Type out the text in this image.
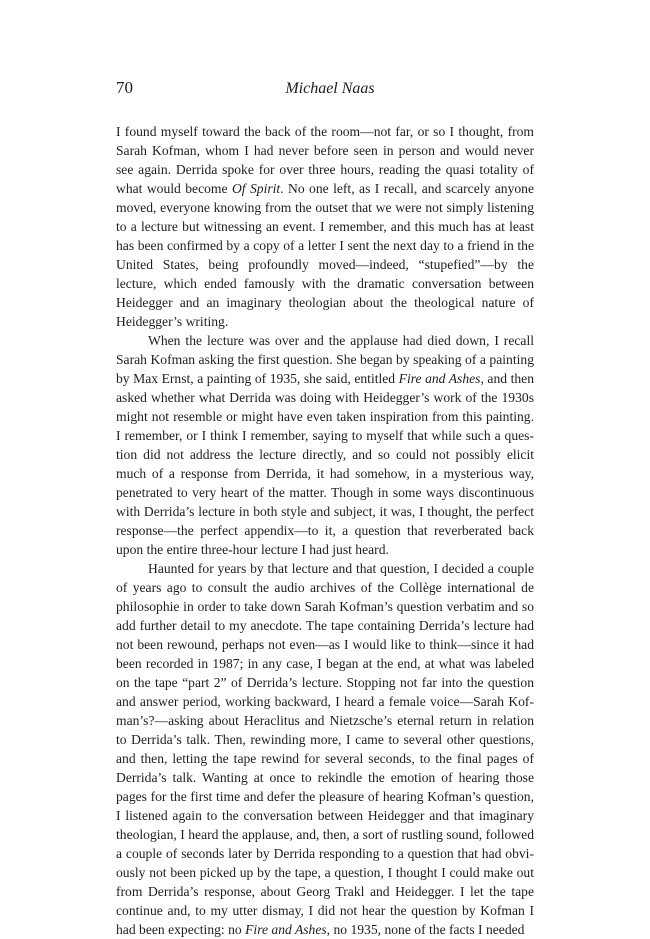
70	Michael Naas

I found myself toward the back of the room—not far, or so I thought, from Sarah Kofman, whom I had never before seen in person and would never see again. Derrida spoke for over three hours, reading the quasi totality of what would become Of Spirit. No one left, as I recall, and scarcely anyone moved, everyone knowing from the outset that we were not simply listening to a lecture but witnessing an event. I remember, and this much has at least has been confirmed by a copy of a letter I sent the next day to a friend in the United States, being profoundly moved—indeed, “stupefied”—by the lecture, which ended famously with the dramatic conversation between Heidegger and an imaginary theologian about the theological nature of Heidegger’s writing.

When the lecture was over and the applause had died down, I recall Sarah Kofman asking the first question. She began by speaking of a painting by Max Ernst, a painting of 1935, she said, entitled Fire and Ashes, and then asked whether what Derrida was doing with Heidegger’s work of the 1930s might not resemble or might have even taken inspiration from this painting. I remember, or I think I remember, saying to myself that while such a question did not address the lecture directly, and so could not possibly elicit much of a response from Derrida, it had somehow, in a mysterious way, penetrated to very heart of the matter. Though in some ways discontinuous with Derrida’s lecture in both style and subject, it was, I thought, the perfect response—the perfect appendix—to it, a question that reverberated back upon the entire three-hour lecture I had just heard.

Haunted for years by that lecture and that question, I decided a couple of years ago to consult the audio archives of the Collège international de philosophie in order to take down Sarah Kofman’s question verbatim and so add further detail to my anecdote. The tape containing Derrida’s lecture had not been rewound, perhaps not even—as I would like to think—since it had been recorded in 1987; in any case, I began at the end, at what was labeled on the tape “part 2” of Derrida’s lecture. Stopping not far into the question and answer period, working backward, I heard a female voice—Sarah Kofman’s?—asking about Heraclitus and Nietzsche’s eternal return in relation to Derrida’s talk. Then, rewinding more, I came to several other questions, and then, letting the tape rewind for several seconds, to the final pages of Derrida’s talk. Wanting at once to rekindle the emotion of hearing those pages for the first time and defer the pleasure of hearing Kofman’s question, I listened again to the conversation between Heidegger and that imaginary theologian, I heard the applause, and, then, a sort of rustling sound, followed a couple of seconds later by Derrida responding to a question that had obviously not been picked up by the tape, a question, I thought I could make out from Derrida’s response, about Georg Trakl and Heidegger. I let the tape continue and, to my utter dismay, I did not hear the question by Kofman I had been expecting: no Fire and Ashes, no 1935, none of the facts I needed
